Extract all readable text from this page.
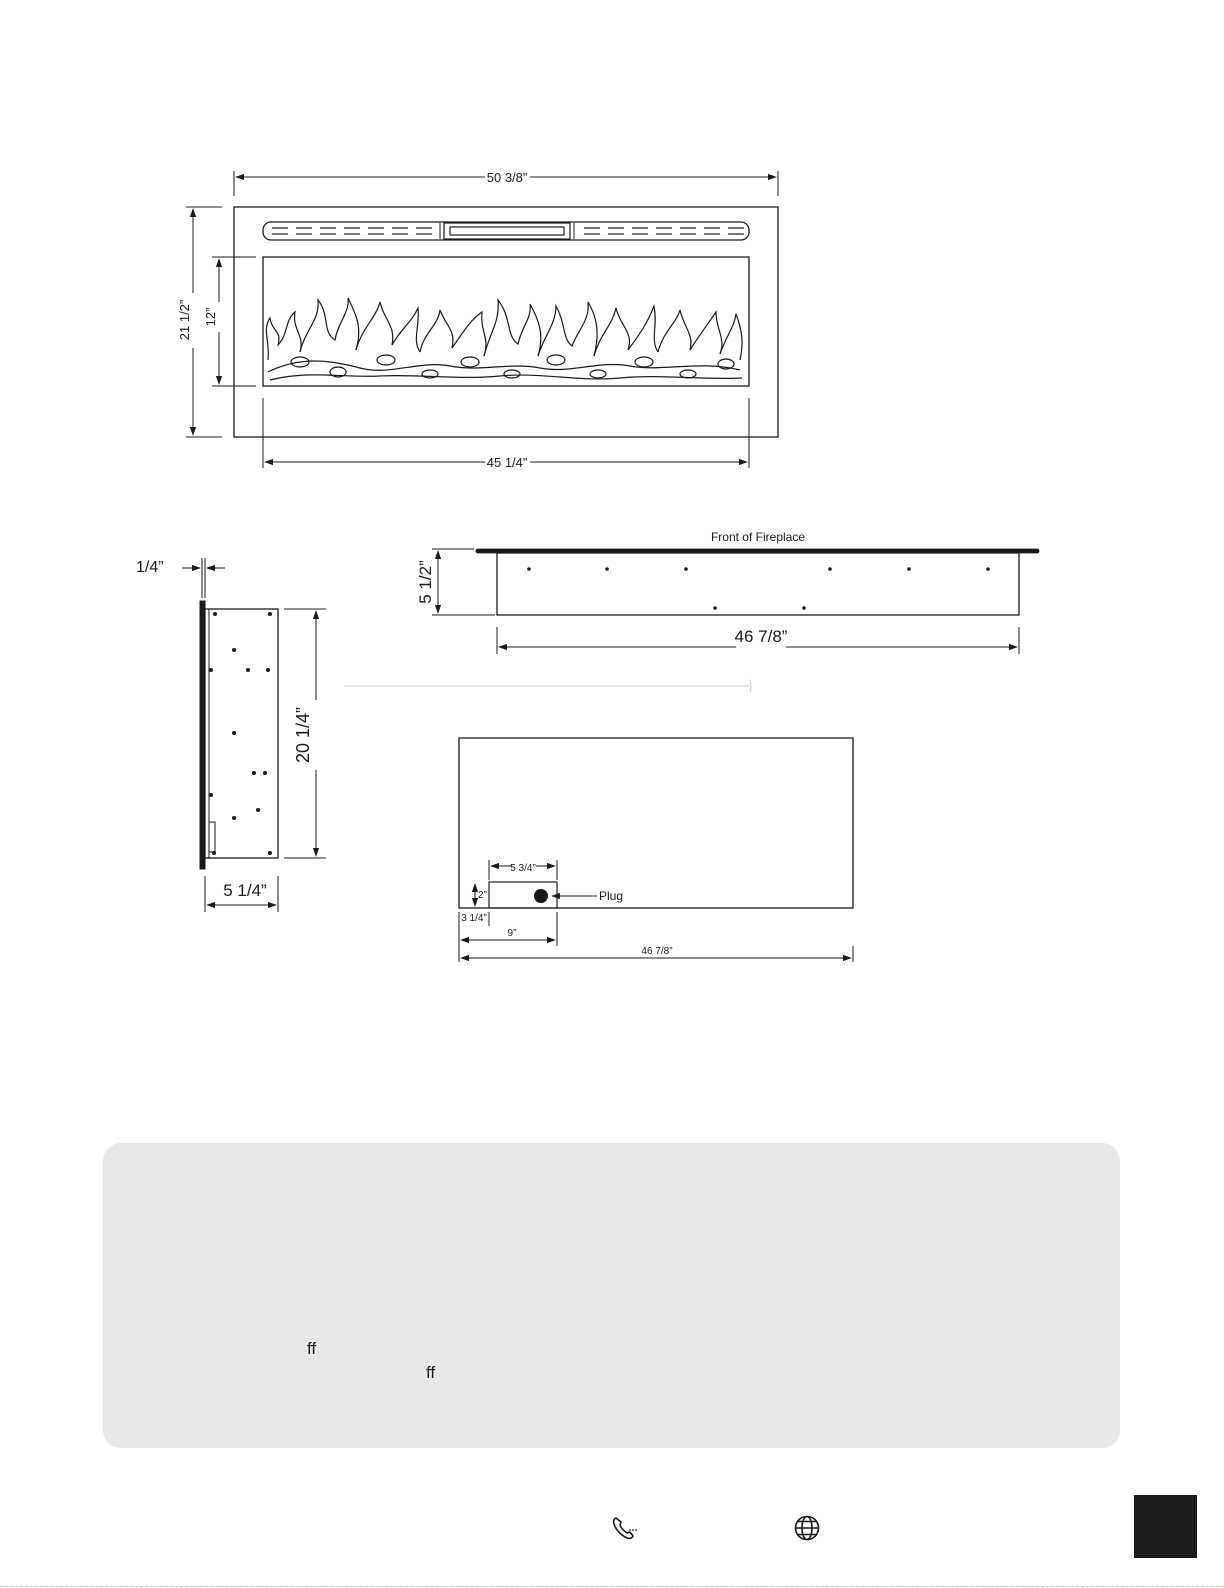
50 3/8”
21 1/2” 12”
45 1/4”
1/4”
20 1/4”
5 1/4”
Front of Fireplace
5 1/2”
46 7/8”
5 3/4”
2”	Plug
3 1/4”
9”
46 7/8”
ff
ff
